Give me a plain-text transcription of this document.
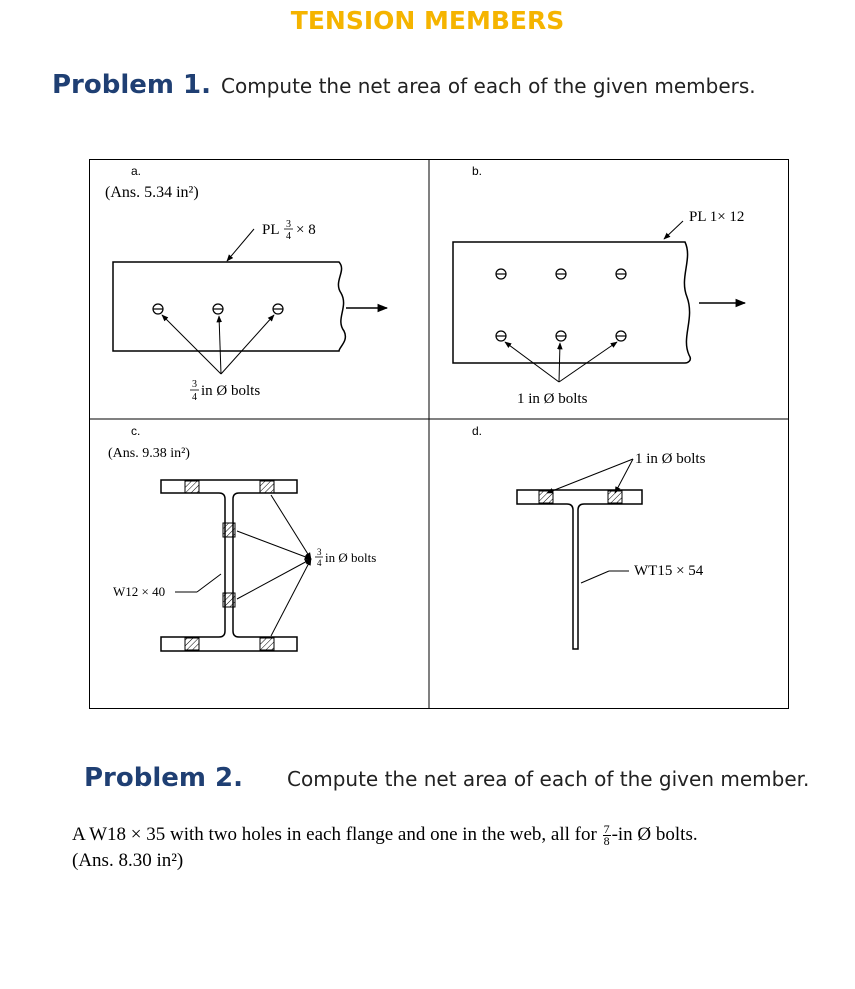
TENSION MEMBERS
Problem 1. Compute the net area of each of the given members.
a.
(Ans. 5.34 in²)
PL 3
4 × 8
3
4 in Ø bolts
b.
PL 1× 12
1 in Ø bolts
c.
(Ans. 9.38 in²)
3
4 in Ø bolts
W12 × 40
d.
1 in Ø bolts
WT15 × 54
Problem 2. Compute the net area of each of the given member.
A W18 × 35 with two holes in each flange and one in the web, all for $\frac{7}{8} -in$ Ø bolts.
(Ans. 8.30 in²)
